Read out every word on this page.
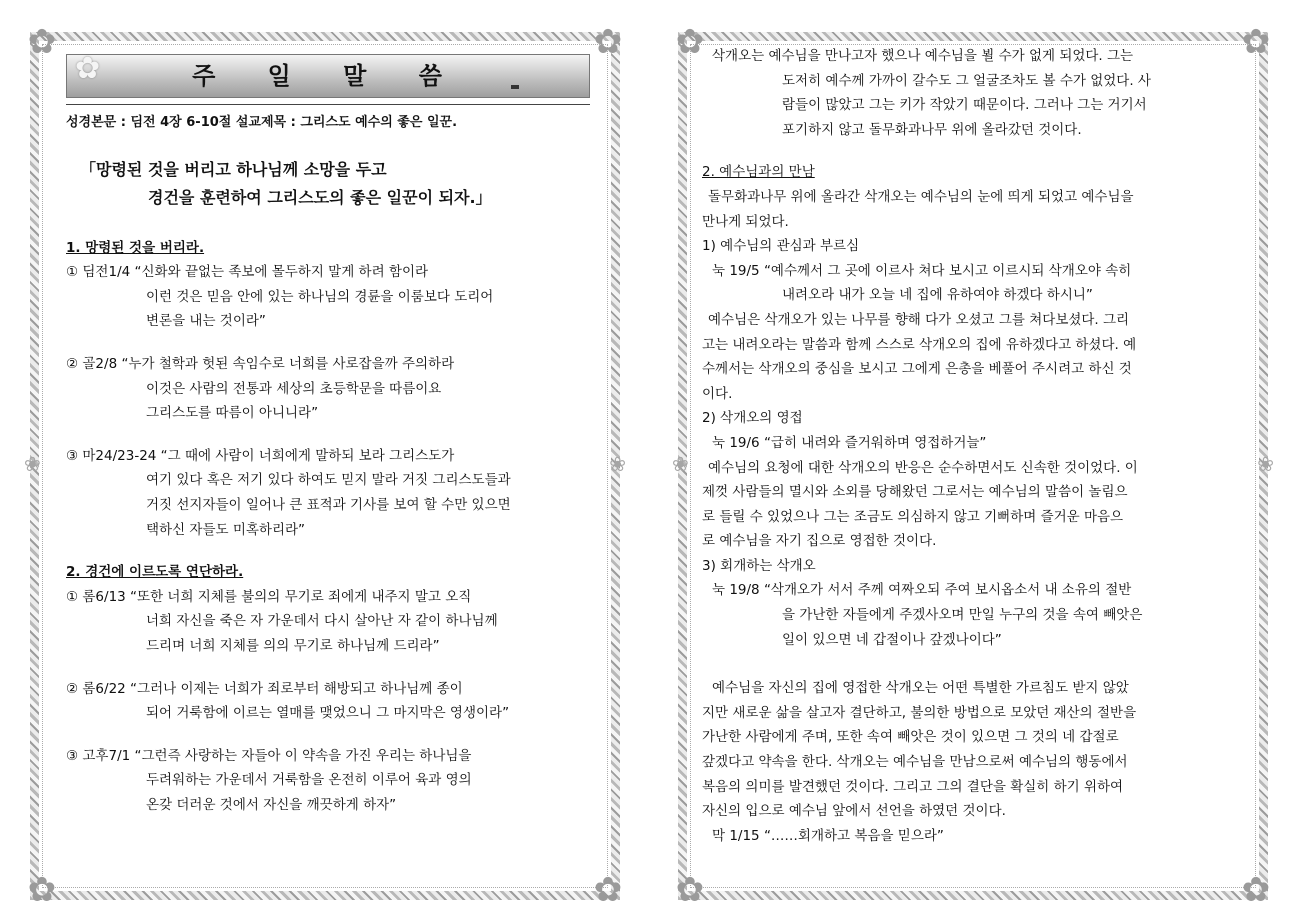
✿	✿
✿	✿
❀	❀
✿	주 일 말 씀
성경본문 : 딤전 4장 6-10절 설교제목 : 그리스도 예수의 좋은 일꾼.
「망령된 것을 버리고 하나님께 소망을 두고
경건을 훈련하여 그리스도의 좋은 일꾼이 되자.」
1. 망령된 것을 버리라.

① 딤전1/4 “신화와 끝없는 족보에 몰두하지 말게 하려 함이라

이런 것은 믿음 안에 있는 하나님의 경륜을 이룸보다 도리어

변론을 내는 것이라”

② 골2/8 “누가 철학과 헛된 속임수로 너희를 사로잡을까 주의하라

이것은 사람의 전통과 세상의 초등학문을 따름이요

그리스도를 따름이 아니니라”

③ 마24/23-24 “그 때에 사람이 너희에게 말하되 보라 그리스도가

여기 있다 혹은 저기 있다 하여도 믿지 말라 거짓 그리스도들과

거짓 선지자들이 일어나 큰 표적과 기사를 보여 할 수만 있으면

택하신 자들도 미혹하리라”

2. 경건에 이르도록 연단하라.

① 롬6/13 “또한 너희 지체를 불의의 무기로 죄에게 내주지 말고 오직

너희 자신을 죽은 자 가운데서 다시 살아난 자 같이 하나님께

드리며 너희 지체를 의의 무기로 하나님께 드리라”

② 롬6/22 “그러나 이제는 너희가 죄로부터 해방되고 하나님께 종이

되어 거룩함에 이르는 열매를 맺었으니 그 마지막은 영생이라”

③ 고후7/1 “그런즉 사랑하는 자들아 이 약속을 가진 우리는 하나님을

두려워하는 가운데서 거룩함을 온전히 이루어 육과 영의

온갖 더러운 것에서 자신을 깨끗하게 하자”

✿	✿
✿	✿
❀	❀

삭개오는 예수님을 만나고자 했으나 예수님을 뵐 수가 없게 되었다. 그는

도저히 예수께 가까이 갈수도 그 얼굴조차도 볼 수가 없었다. 사

람들이 많았고 그는 키가 작았기 때문이다. 그러나 그는 거기서

포기하지 않고 돌무화과나무 위에 올라갔던 것이다.

2. 예수님과의 만남

돌무화과나무 위에 올라간 삭개오는 예수님의 눈에 띄게 되었고 예수님을

만나게 되었다.

1) 예수님의 관심과 부르심

눅 19/5 “예수께서 그 곳에 이르사 쳐다 보시고 이르시되 삭개오야 속히

내려오라 내가 오늘 네 집에 유하여야 하겠다 하시니”

예수님은 삭개오가 있는 나무를 향해 다가 오셨고 그를 쳐다보셨다. 그리

고는 내려오라는 말씀과 함께 스스로 삭개오의 집에 유하겠다고 하셨다. 예

수께서는 삭개오의 중심을 보시고 그에게 은총을 베풀어 주시려고 하신 것

이다.

2) 삭개오의 영접

눅 19/6 “급히 내려와 즐거워하며 영접하거늘”

예수님의 요청에 대한 삭개오의 반응은 순수하면서도 신속한 것이었다. 이

제껏 사람들의 멸시와 소외를 당해왔던 그로서는 예수님의 말씀이 놀림으

로 들릴 수 있었으나 그는 조금도 의심하지 않고 기뻐하며 즐거운 마음으

로 예수님을 자기 집으로 영접한 것이다.

3) 회개하는 삭개오

눅 19/8 “삭개오가 서서 주께 여짜오되 주여 보시옵소서 내 소유의 절반

을 가난한 자들에게 주겠사오며 만일 누구의 것을 속여 빼앗은

일이 있으면 네 갑절이나 갚겠나이다”

예수님을 자신의 집에 영접한 삭개오는 어떤 특별한 가르침도 받지 않았

지만 새로운 삶을 살고자 결단하고, 불의한 방법으로 모았던 재산의 절반을

가난한 사람에게 주며, 또한 속여 빼앗은 것이 있으면 그 것의 네 갑절로

갚겠다고 약속을 한다. 삭개오는 예수님을 만남으로써 예수님의 행동에서

복음의 의미를 발견했던 것이다. 그리고 그의 결단을 확실히 하기 위하여

자신의 입으로 예수님 앞에서 선언을 하였던 것이다.

막 1/15 “……회개하고 복음을 믿으라”
